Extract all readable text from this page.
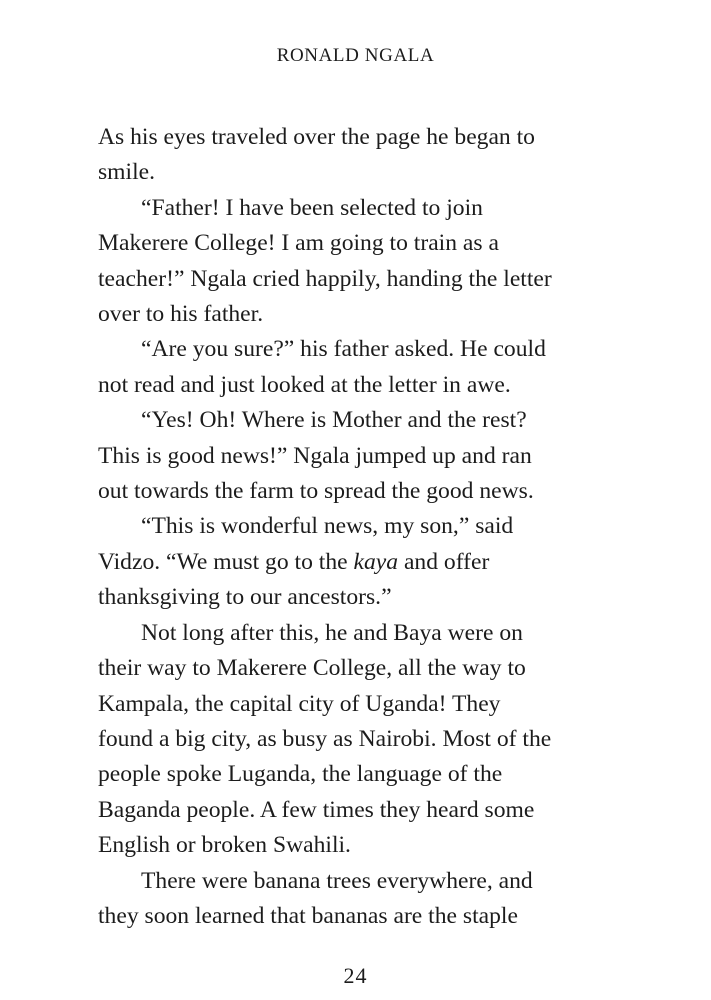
RONALD NGALA
As his eyes traveled over the page he began to
smile.
“Father! I have been selected to join
Makerere College! I am going to train as a
teacher!” Ngala cried happily, handing the letter
over to his father.
“Are you sure?” his father asked. He could
not read and just looked at the letter in awe.
“Yes! Oh! Where is Mother and the rest?
This is good news!” Ngala jumped up and ran
out towards the farm to spread the good news.
“This is wonderful news, my son,” said
Vidzo. “We must go to the kaya and offer
thanksgiving to our ancestors.”
Not long after this, he and Baya were on
their way to Makerere College, all the way to
Kampala, the capital city of Uganda! They
found a big city, as busy as Nairobi. Most of the
people spoke Luganda, the language of the
Baganda people. A few times they heard some
English or broken Swahili.
There were banana trees everywhere, and
they soon learned that bananas are the staple
24
